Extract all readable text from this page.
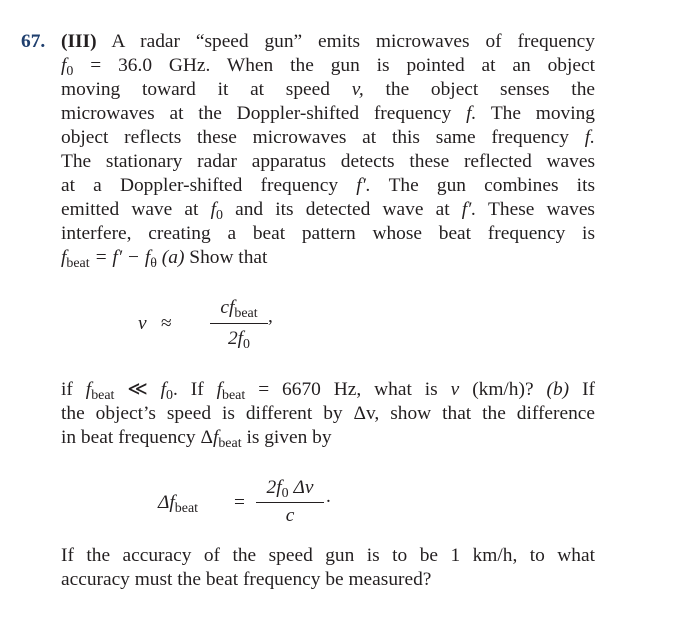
67. (III) A radar “speed gun” emits microwaves of frequency
$f_0 = 36.0$ GHz. When the gun is pointed at an object
moving toward it at speed v, the object senses the
microwaves at the Doppler-shifted frequency f. The moving
object reflects these microwaves at this same frequency f.
The stationary radar apparatus detects these reflected waves
at a Doppler-shifted frequency f′. The gun combines its
emitted wave at $f_0$ and its detected wave at f′. These waves
interfere, creating a beat pattern whose beat frequency is
$f_{beat} = f' - f_\theta$ (a) Show that
v ≈
$cf_{beat}$ ,
$2f_0$
if $f_{beat}$ ≪ $f_0$. If $f_{beat} = 6670$ Hz, what is v (km/h)? (b) If
the object’s speed is different by Δv, show that the difference
in beat frequency $\Delta f_{beat}$ is given by
$\Delta f_{beat}$ =
$2f_0$ Δv .
c
If the accuracy of the speed gun is to be 1 km/h, to what
accuracy must the beat frequency be measured?
